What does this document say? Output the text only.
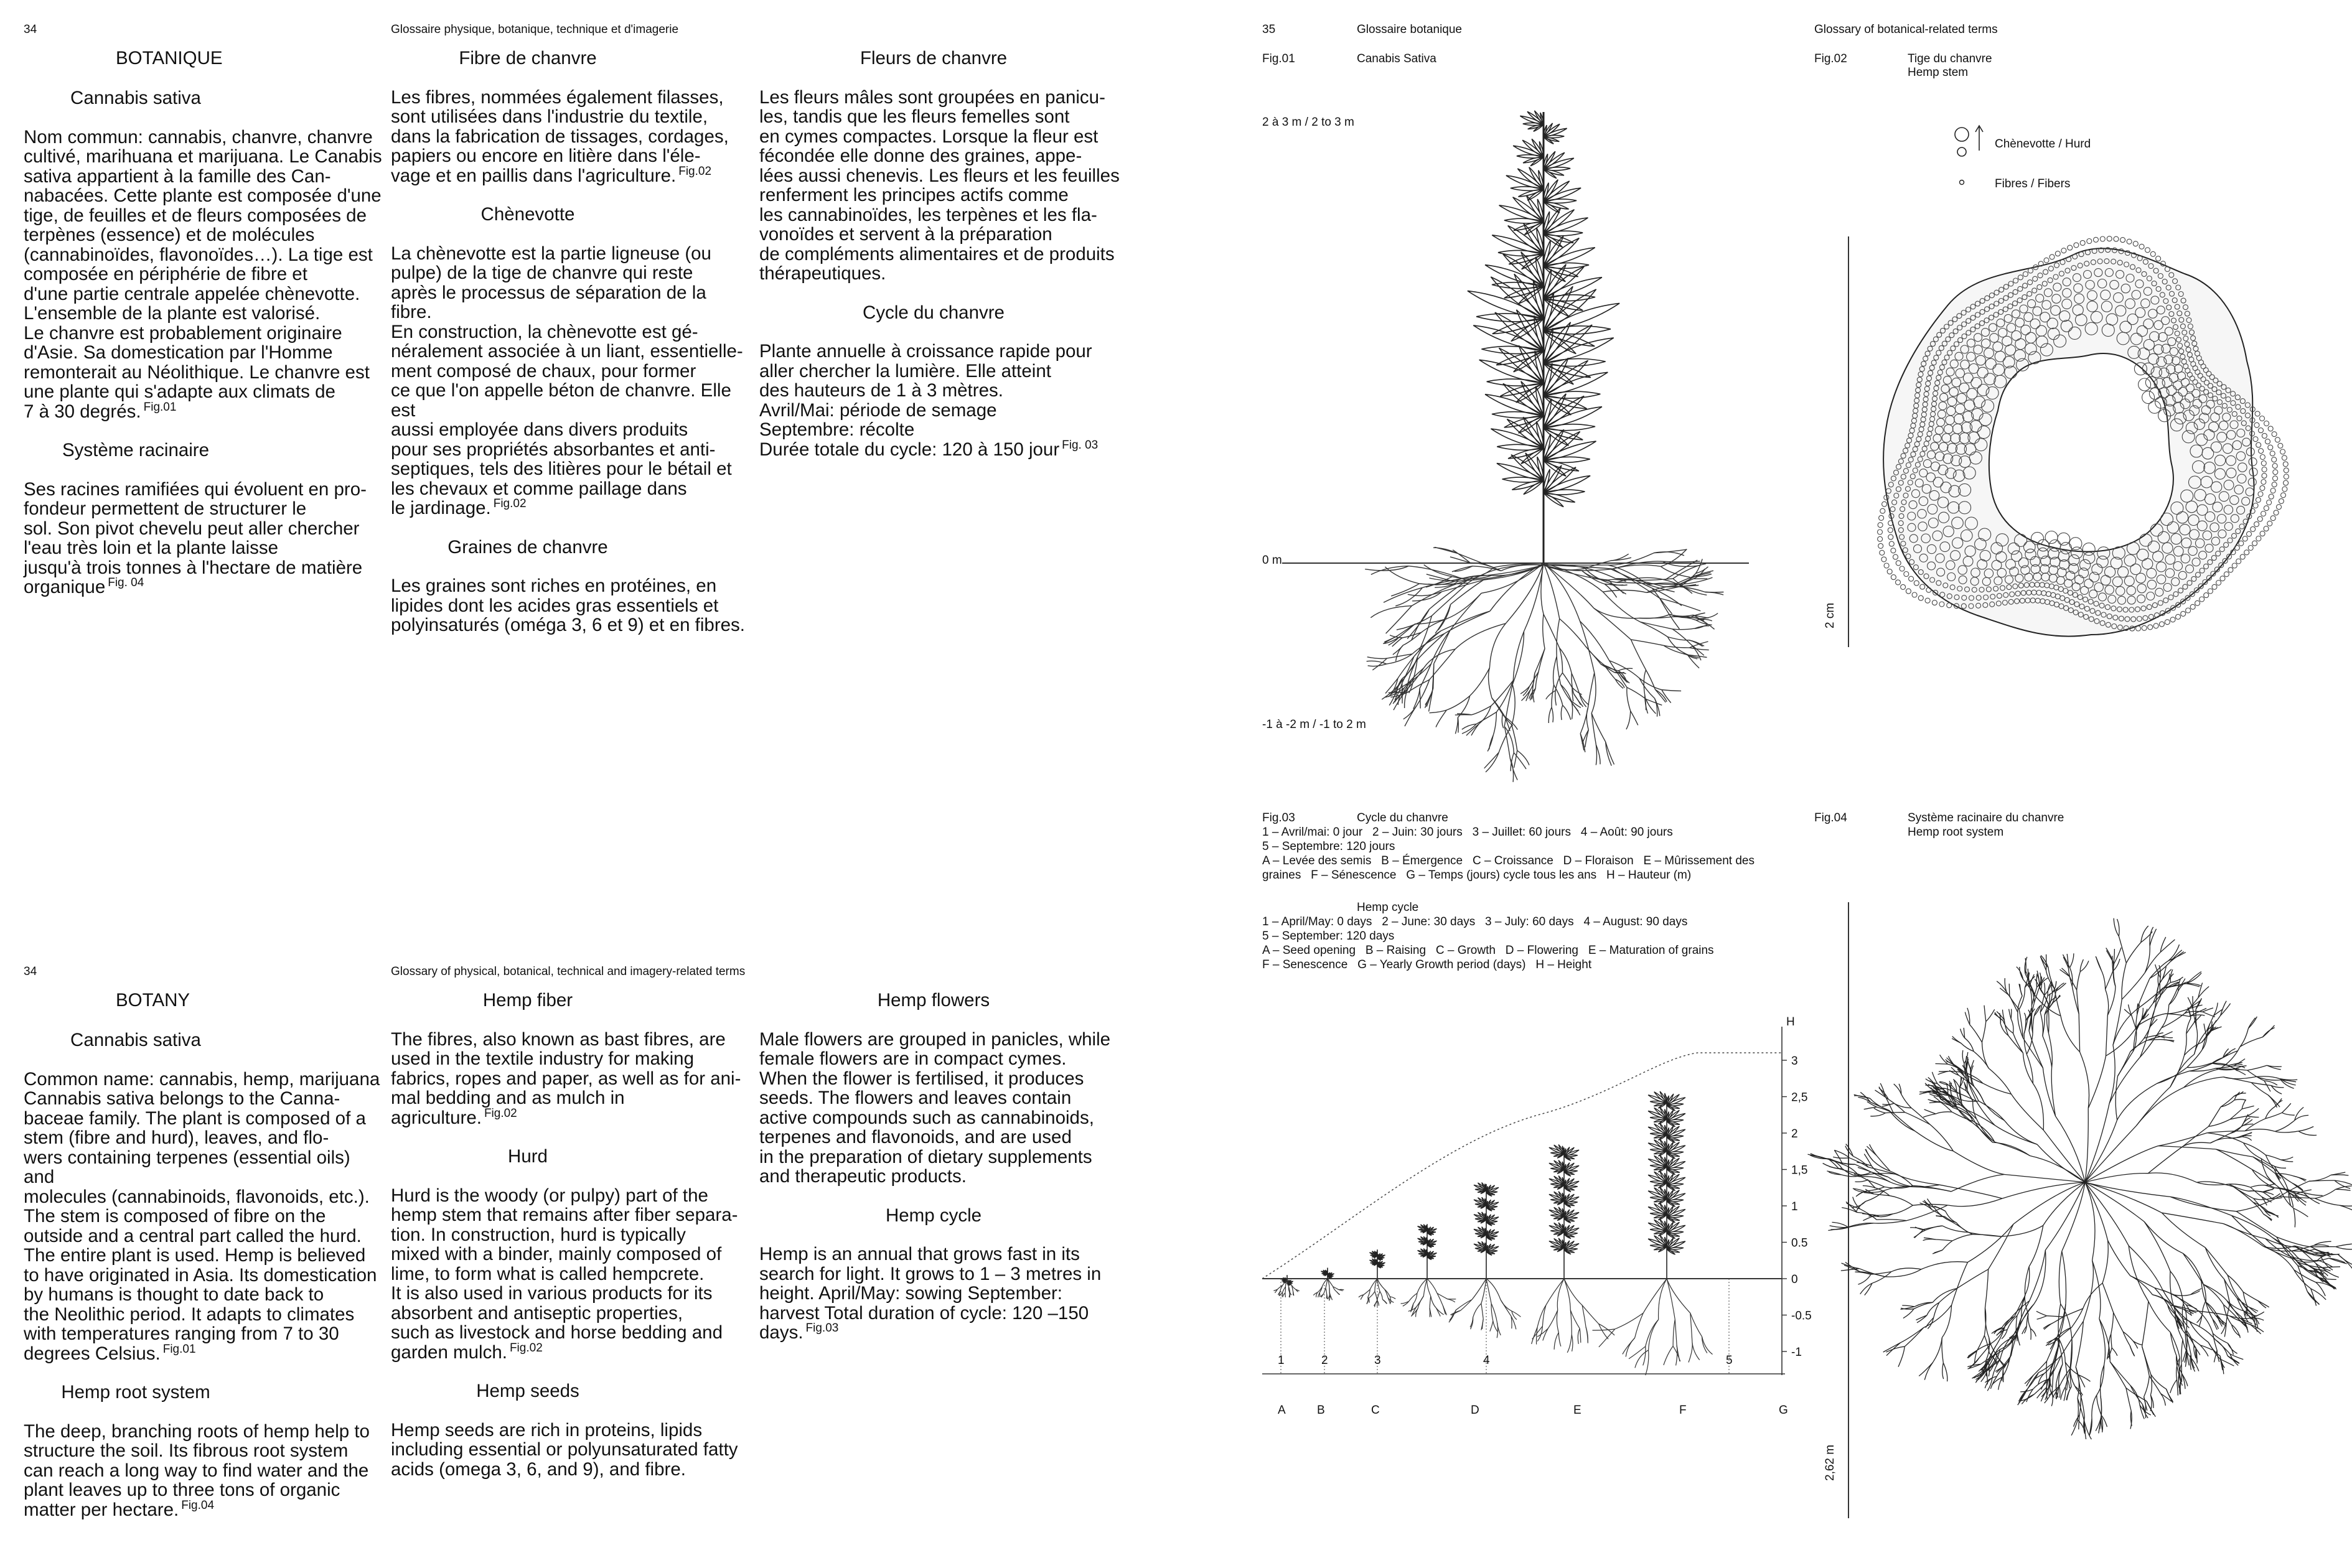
34	Glossaire physique, botanique, technique et d'imagerie
BOTANIQUE
Cannabis sativa

Nom commun: cannabis, chanvre, chanvre
cultivé, marihuana et marijuana. Le Canabis
sativa appartient à la famille des Can-
nabacées. Cette plante est composée d'une
tige, de feuilles et de fleurs composées de
terpènes (essence) et de molécules
(cannabinoïdes, flavonoïdes…). La tige est
composée en périphérie de fibre et
d'une partie centrale appelée chènevotte.
L'ensemble de la plante est valorisé.
Le chanvre est probablement originaire
d'Asie. Sa domestication par l'Homme
remonterait au Néolithique. Le chanvre est
une plante qui s'adapte aux climats de
7 à 30 degrés. $^{Fig.01}$

Système racinaire

Ses racines ramifiées qui évoluent en pro-
fondeur permettent de structurer le
sol. Son pivot chevelu peut aller chercher
l'eau très loin et la plante laisse
jusqu'à trois tonnes à l'hectare de matière
organique $^{Fig. 04}$

Fibre de chanvre

Les fibres, nommées également filasses,
sont utilisées dans l'industrie du textile,
dans la fabrication de tissages, cordages,
papiers ou encore en litière dans l'éle-
vage et en paillis dans l'agriculture. $^{Fig.02}$

Chènevotte

La chènevotte est la partie ligneuse (ou
pulpe) de la tige de chanvre qui reste
après le processus de séparation de la fibre.
En construction, la chènevotte est gé-
néralement associée à un liant, essentielle-
ment composé de chaux, pour former
ce que l'on appelle béton de chanvre. Elle est
aussi employée dans divers produits
pour ses propriétés absorbantes et anti-
septiques, tels des litières pour le bétail et
les chevaux et comme paillage dans
le jardinage. $^{Fig.02}$

Graines de chanvre

Les graines sont riches en protéines, en
lipides dont les acides gras essentiels et
polyinsaturés (oméga 3, 6 et 9) et en fibres.

Fleurs de chanvre

Les fleurs mâles sont groupées en panicu-
les, tandis que les fleurs femelles sont
en cymes compactes. Lorsque la fleur est
fécondée elle donne des graines, appe-
lées aussi chenevis. Les fleurs et les feuilles
renferment les principes actifs comme
les cannabinoïdes, les terpènes et les fla-
vonoïdes et servent à la préparation
de compléments alimentaires et de produits
thérapeutiques.

Cycle du chanvre

Plante annuelle à croissance rapide pour
aller chercher la lumière. Elle atteint
des hauteurs de 1 à 3 mètres.
Avril/Mai: période de semage
Septembre: récolte
Durée totale du cycle: 120 à 150 jour $^{Fig. 03}$

34	Glossary of physical, botanical, technical and imagery-related terms
BOTANY
Cannabis sativa

Common name: cannabis, hemp, marijuana
Cannabis sativa belongs to the Canna-
baceae family. The plant is composed of a
stem (fibre and hurd), leaves, and flo-
wers containing terpenes (essential oils) and
molecules (cannabinoids, flavonoids, etc.).
The stem is composed of fibre on the
outside and a central part called the hurd.
The entire plant is used. Hemp is believed
to have originated in Asia. Its domestication
by humans is thought to date back to
the Neolithic period. It adapts to climates
with temperatures ranging from 7 to 30
degrees Celsius. $^{Fig.01}$

Hemp root system

The deep, branching roots of hemp help to
structure the soil. Its fibrous root system
can reach a long way to find water and the
plant leaves up to three tons of organic
matter per hectare. $^{Fig.04}$

Hemp fiber

The fibres, also known as bast fibres, are
used in the textile industry for making
fabrics, ropes and paper, as well as for ani-
mal bedding and as mulch in
agriculture. $^{Fig.02}$

Hurd

Hurd is the woody (or pulpy) part of the
hemp stem that remains after fiber separa-
tion. In construction, hurd is typically
mixed with a binder, mainly composed of
lime, to form what is called hempcrete.
It is also used in various products for its
absorbent and antiseptic properties,
such as livestock and horse bedding and
garden mulch. $^{Fig.02}$

Hemp seeds

Hemp seeds are rich in proteins, lipids
including essential or polyunsaturated fatty
acids (omega 3, 6, and 9), and fibre.

Hemp flowers

Male flowers are grouped in panicles, while
female flowers are in compact cymes.
When the flower is fertilised, it produces
seeds. The flowers and leaves contain
active compounds such as cannabinoids,
terpenes and flavonoids, and are used
in the preparation of dietary supplements
and therapeutic products.

Hemp cycle

Hemp is an annual that grows fast in its
search for light. It grows to 1 – 3 metres in
height. April/May: sowing September:
harvest Total duration of cycle: 120 –150
days. $^{Fig.03}$

35	Glossaire botanique	Glossary of botanical-related terms
Fig.01	Canabis Sativa
2 à 3 m / 2 to 3 m
0 m
-1 à -2 m / -1 to 2 m
Fig.02	Tige du chanvre
Hemp stem
Chènevotte / Hurd
Fibres / Fibers
2 cm
Fig.03	Cycle du chanvre
1 – Avril/mai: 0 jour   2 – Juin: 30 jours   3 – Juillet: 60 jours   4 – Août: 90 jours
5 – Septembre: 120 jours
A – Levée des semis   B – Émergence   C – Croissance   D – Floraison   E – Mûrissement des
graines   F – Sénescence   G – Temps (jours) cycle tous les ans   H – Hauteur (m)
Hemp cycle
1 – April/May: 0 days   2 – June: 30 days   3 – July: 60 days   4 – August: 90 days
5 – September: 120 days
A – Seed opening   B – Raising   C – Growth   D – Flowering   E – Maturation of grains
F – Senescence   G – Yearly Growth period (days)   H – Height
3
2,5
2
1,5
1
0.5
0
-0.5
-1
H
1	2	3	4	5
A	B	C	D	E	F	G
Fig.04	Système racinaire du chanvre
Hemp root system
2,62 m
